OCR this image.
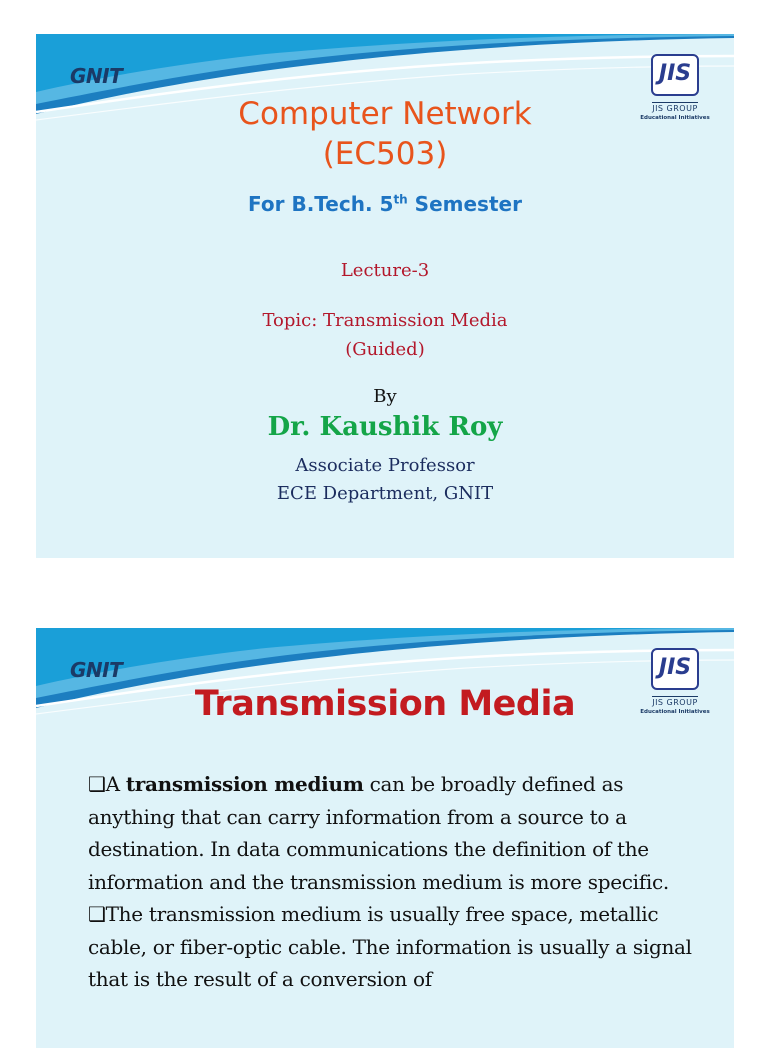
GNIT	JIS
JIS GROUP
Educational Initiatives
Computer Network
(EC503)
For B.Tech. 5th Semester
Lecture-3
Topic: Transmission Media
(Guided)
By
Dr. Kaushik Roy
Associate Professor
ECE Department, GNIT
GNIT	JIS
JIS GROUP
Educational Initiatives
Transmission Media

❑A transmission medium can be broadly defined as anything that can carry information from a source to a destination. In data communications the definition of the information and the transmission medium is more specific.

❑The transmission medium is usually free space, metallic cable, or fiber-optic cable. The information is usually a signal that is the result of a conversion of
